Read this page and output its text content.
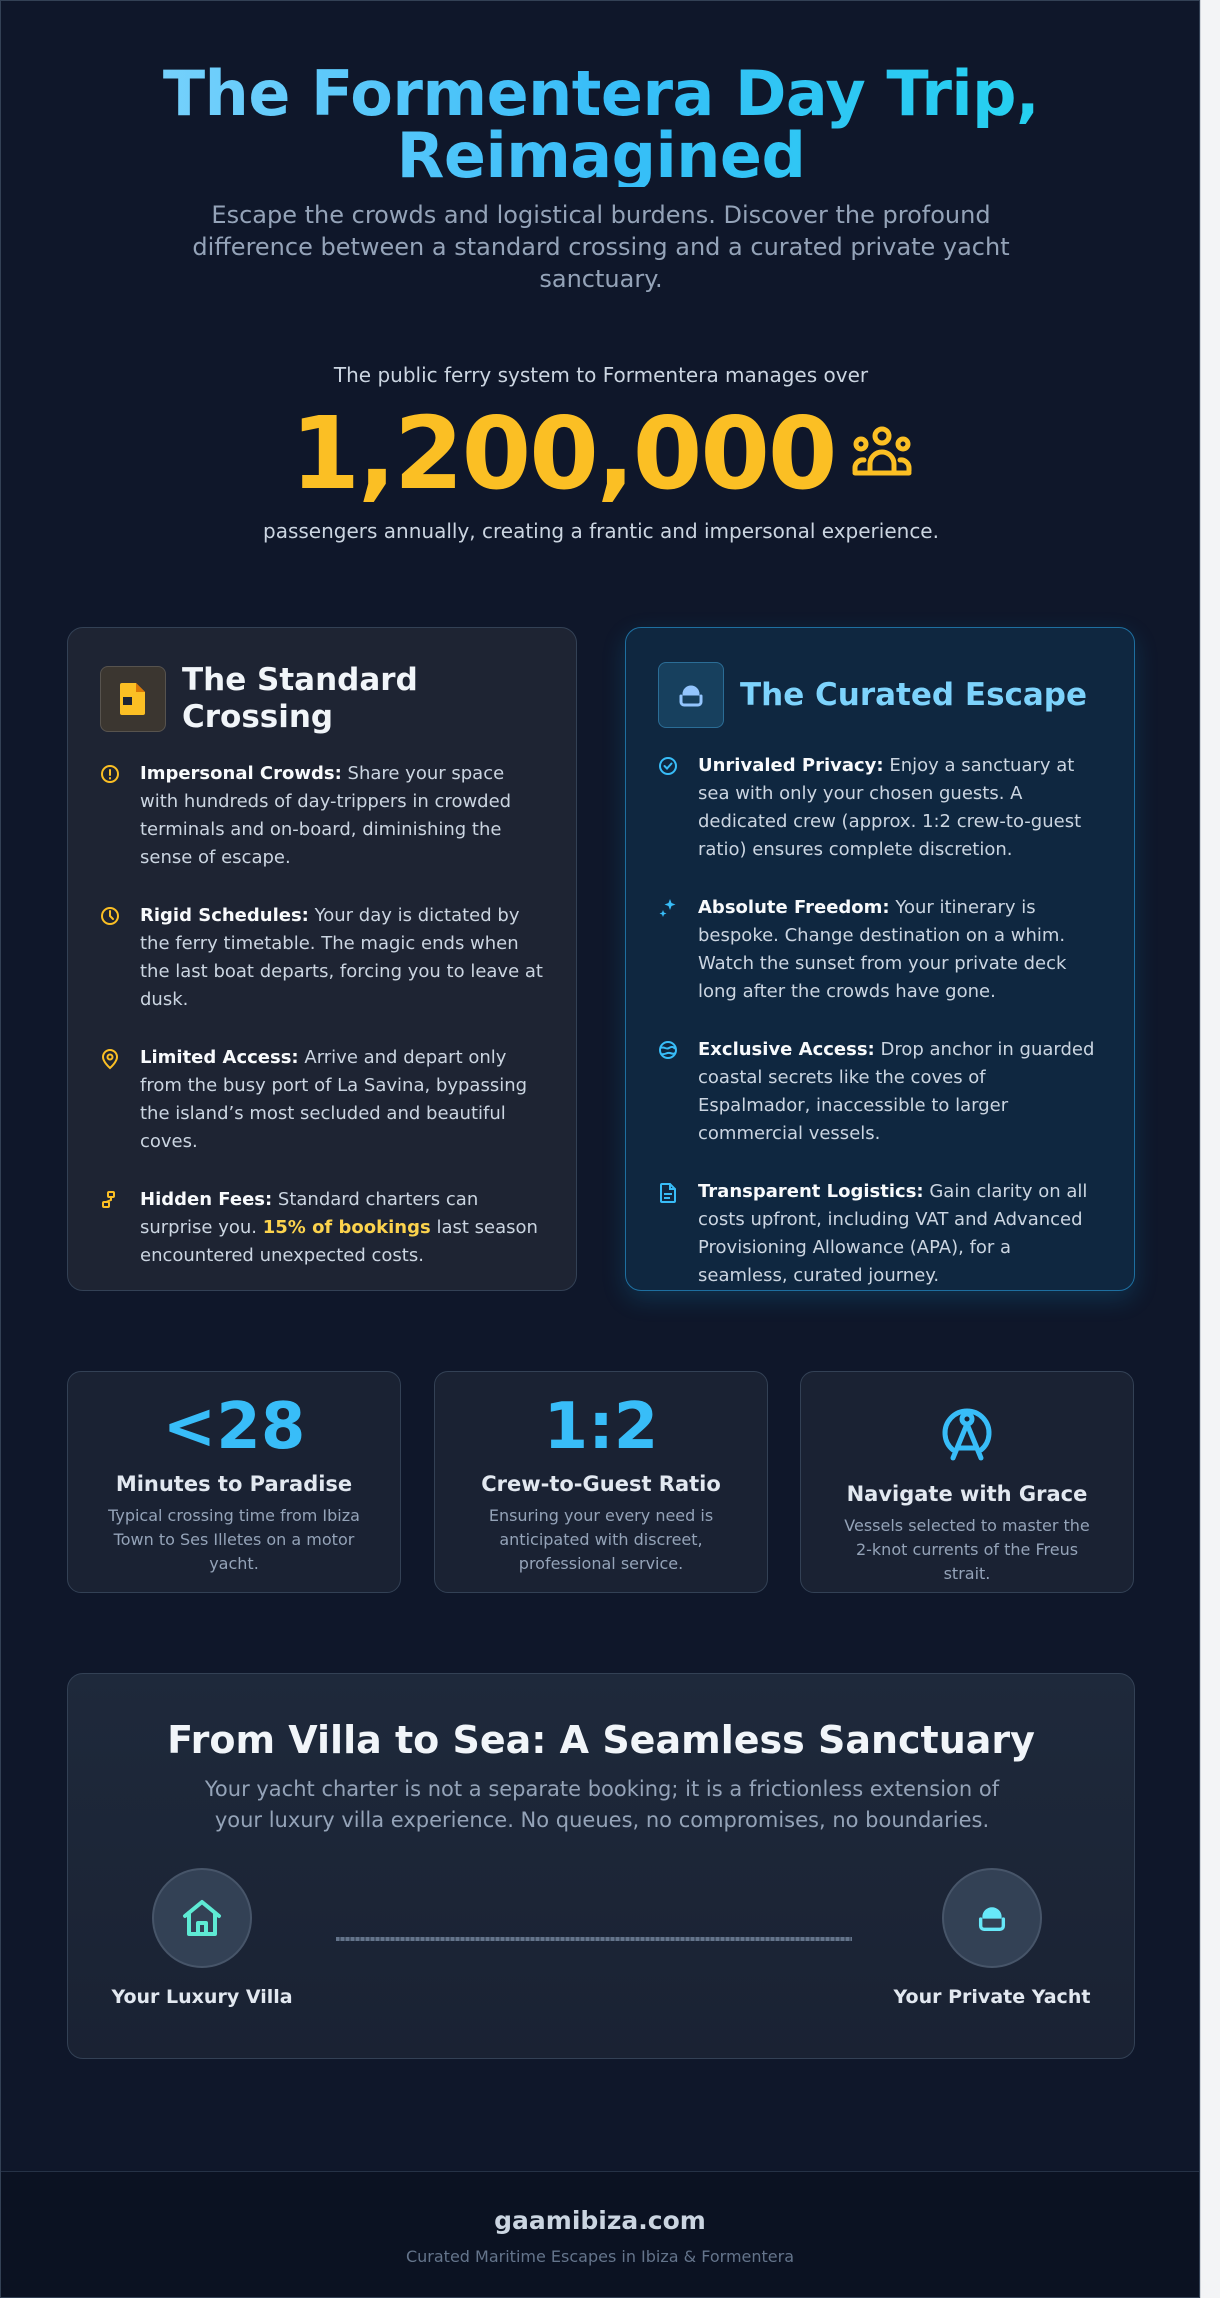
The Formentera Day Trip, Reimagined

Escape the crowds and logistical burdens. Discover the profound difference between a standard crossing and a curated private yacht sanctuary.

The public ferry system to Formentera manages over

1,200,000

passengers annually, creating a frantic and impersonal experience.

The Standard Crossing

Impersonal Crowds: Share your space with hundreds of day-trippers in crowded terminals and on-board, diminishing the sense of escape.

Rigid Schedules: Your day is dictated by the ferry timetable. The magic ends when the last boat departs, forcing you to leave at dusk.

Limited Access: Arrive and depart only from the busy port of La Savina, bypassing the island’s most secluded and beautiful coves.

Hidden Fees: Standard charters can surprise you. 15% of bookings last season encountered unexpected costs.

The Curated Escape

Unrivaled Privacy: Enjoy a sanctuary at sea with only your chosen guests. A dedicated crew (approx. 1:2 crew-to-guest ratio) ensures complete discretion.

Absolute Freedom: Your itinerary is bespoke. Change destination on a whim. Watch the sunset from your private deck long after the crowds have gone.

Exclusive Access: Drop anchor in guarded coastal secrets like the coves of Espalmador, inaccessible to larger commercial vessels.

Transparent Logistics: Gain clarity on all costs upfront, including VAT and Advanced Provisioning Allowance (APA), for a seamless, curated journey.

<28
Minutes to Paradise
Typical crossing time from Ibiza Town to Ses Illetes on a motor yacht.
1:2
Crew-to-Guest Ratio
Ensuring your every need is anticipated with discreet, professional service.
Navigate with Grace
Vessels selected to master the 2-knot currents of the Freus strait.
From Villa to Sea: A Seamless Sanctuary

Your yacht charter is not a separate booking; it is a frictionless extension of your luxury villa experience. No queues, no compromises, no boundaries.

Your Luxury Villa	Your Private Yacht
gaamibiza.com
Curated Maritime Escapes in Ibiza & Formentera
